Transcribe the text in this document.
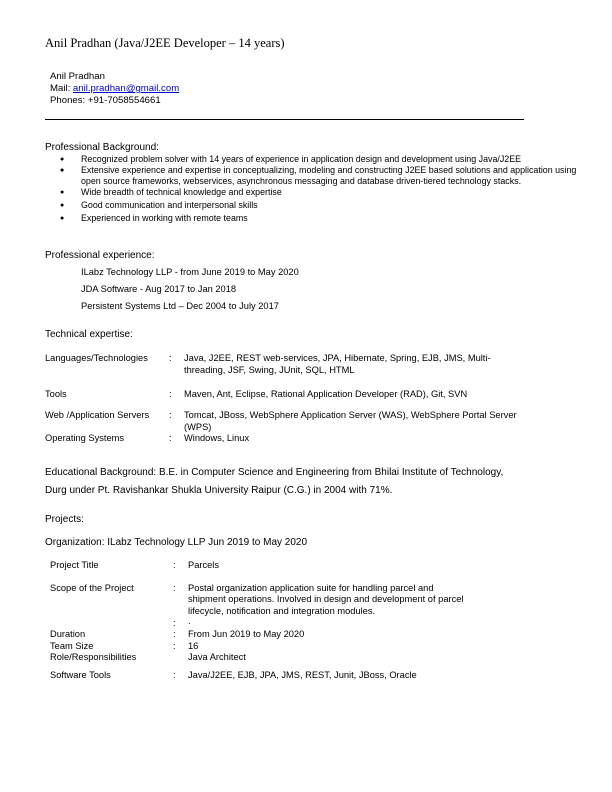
Anil Pradhan (Java/J2EE Developer – 14 years)
Anil Pradhan
Mail: anil.pradhan@gmail.com
Phones: +91-7058554661
Professional Background:
● Recognized problem solver with 14 years of experience in application design and development using Java/J2EE
● Extensive experience and expertise in conceptualizing, modeling and constructing J2EE based solutions and application using open source frameworks, webservices, asynchronous messaging and database driven-tiered technology stacks.
● Wide breadth of technical knowledge and expertise
● Good communication and interpersonal skills
● Experienced in working with remote teams
Professional experience:
ILabz Technology LLP - from June 2019 to May 2020
JDA Software - Aug 2017 to Jan 2018
Persistent Systems Ltd – Dec 2004 to July 2017
Technical expertise:
Languages/Technologies : Java, J2EE, REST web-services, JPA, Hibernate, Spring, EJB, JMS, Multi-threading, JSF, Swing, JUnit, SQL, HTML
Tools	: Maven, Ant, Eclipse, Rational Application Developer (RAD), Git, SVN
Web /Application Servers : Tomcat, JBoss, WebSphere Application Server (WAS), WebSphere Portal Server (WPS)
Operating Systems	: Windows, Linux
Educational Background: B.E. in Computer Science and Engineering from Bhilai Institute of Technology,
Durg under Pt. Ravishankar Shukla University Raipur (C.G.) in 2004 with 71%.
Projects:
Organization: ILabz Technology LLP Jun 2019 to May 2020
Project Title	: Parcels
Scope of the Project	: Postal organization application suite for handling parcel and shipment operations. Involved in design and development of parcel lifecycle, notification and integration modules.
: .
Duration	: From Jun 2019 to May 2020
Team Size	: 16
Role/Responsibilities	Java Architect
Software Tools	: Java/J2EE, EJB, JPA, JMS, REST, Junit, JBoss, Oracle
